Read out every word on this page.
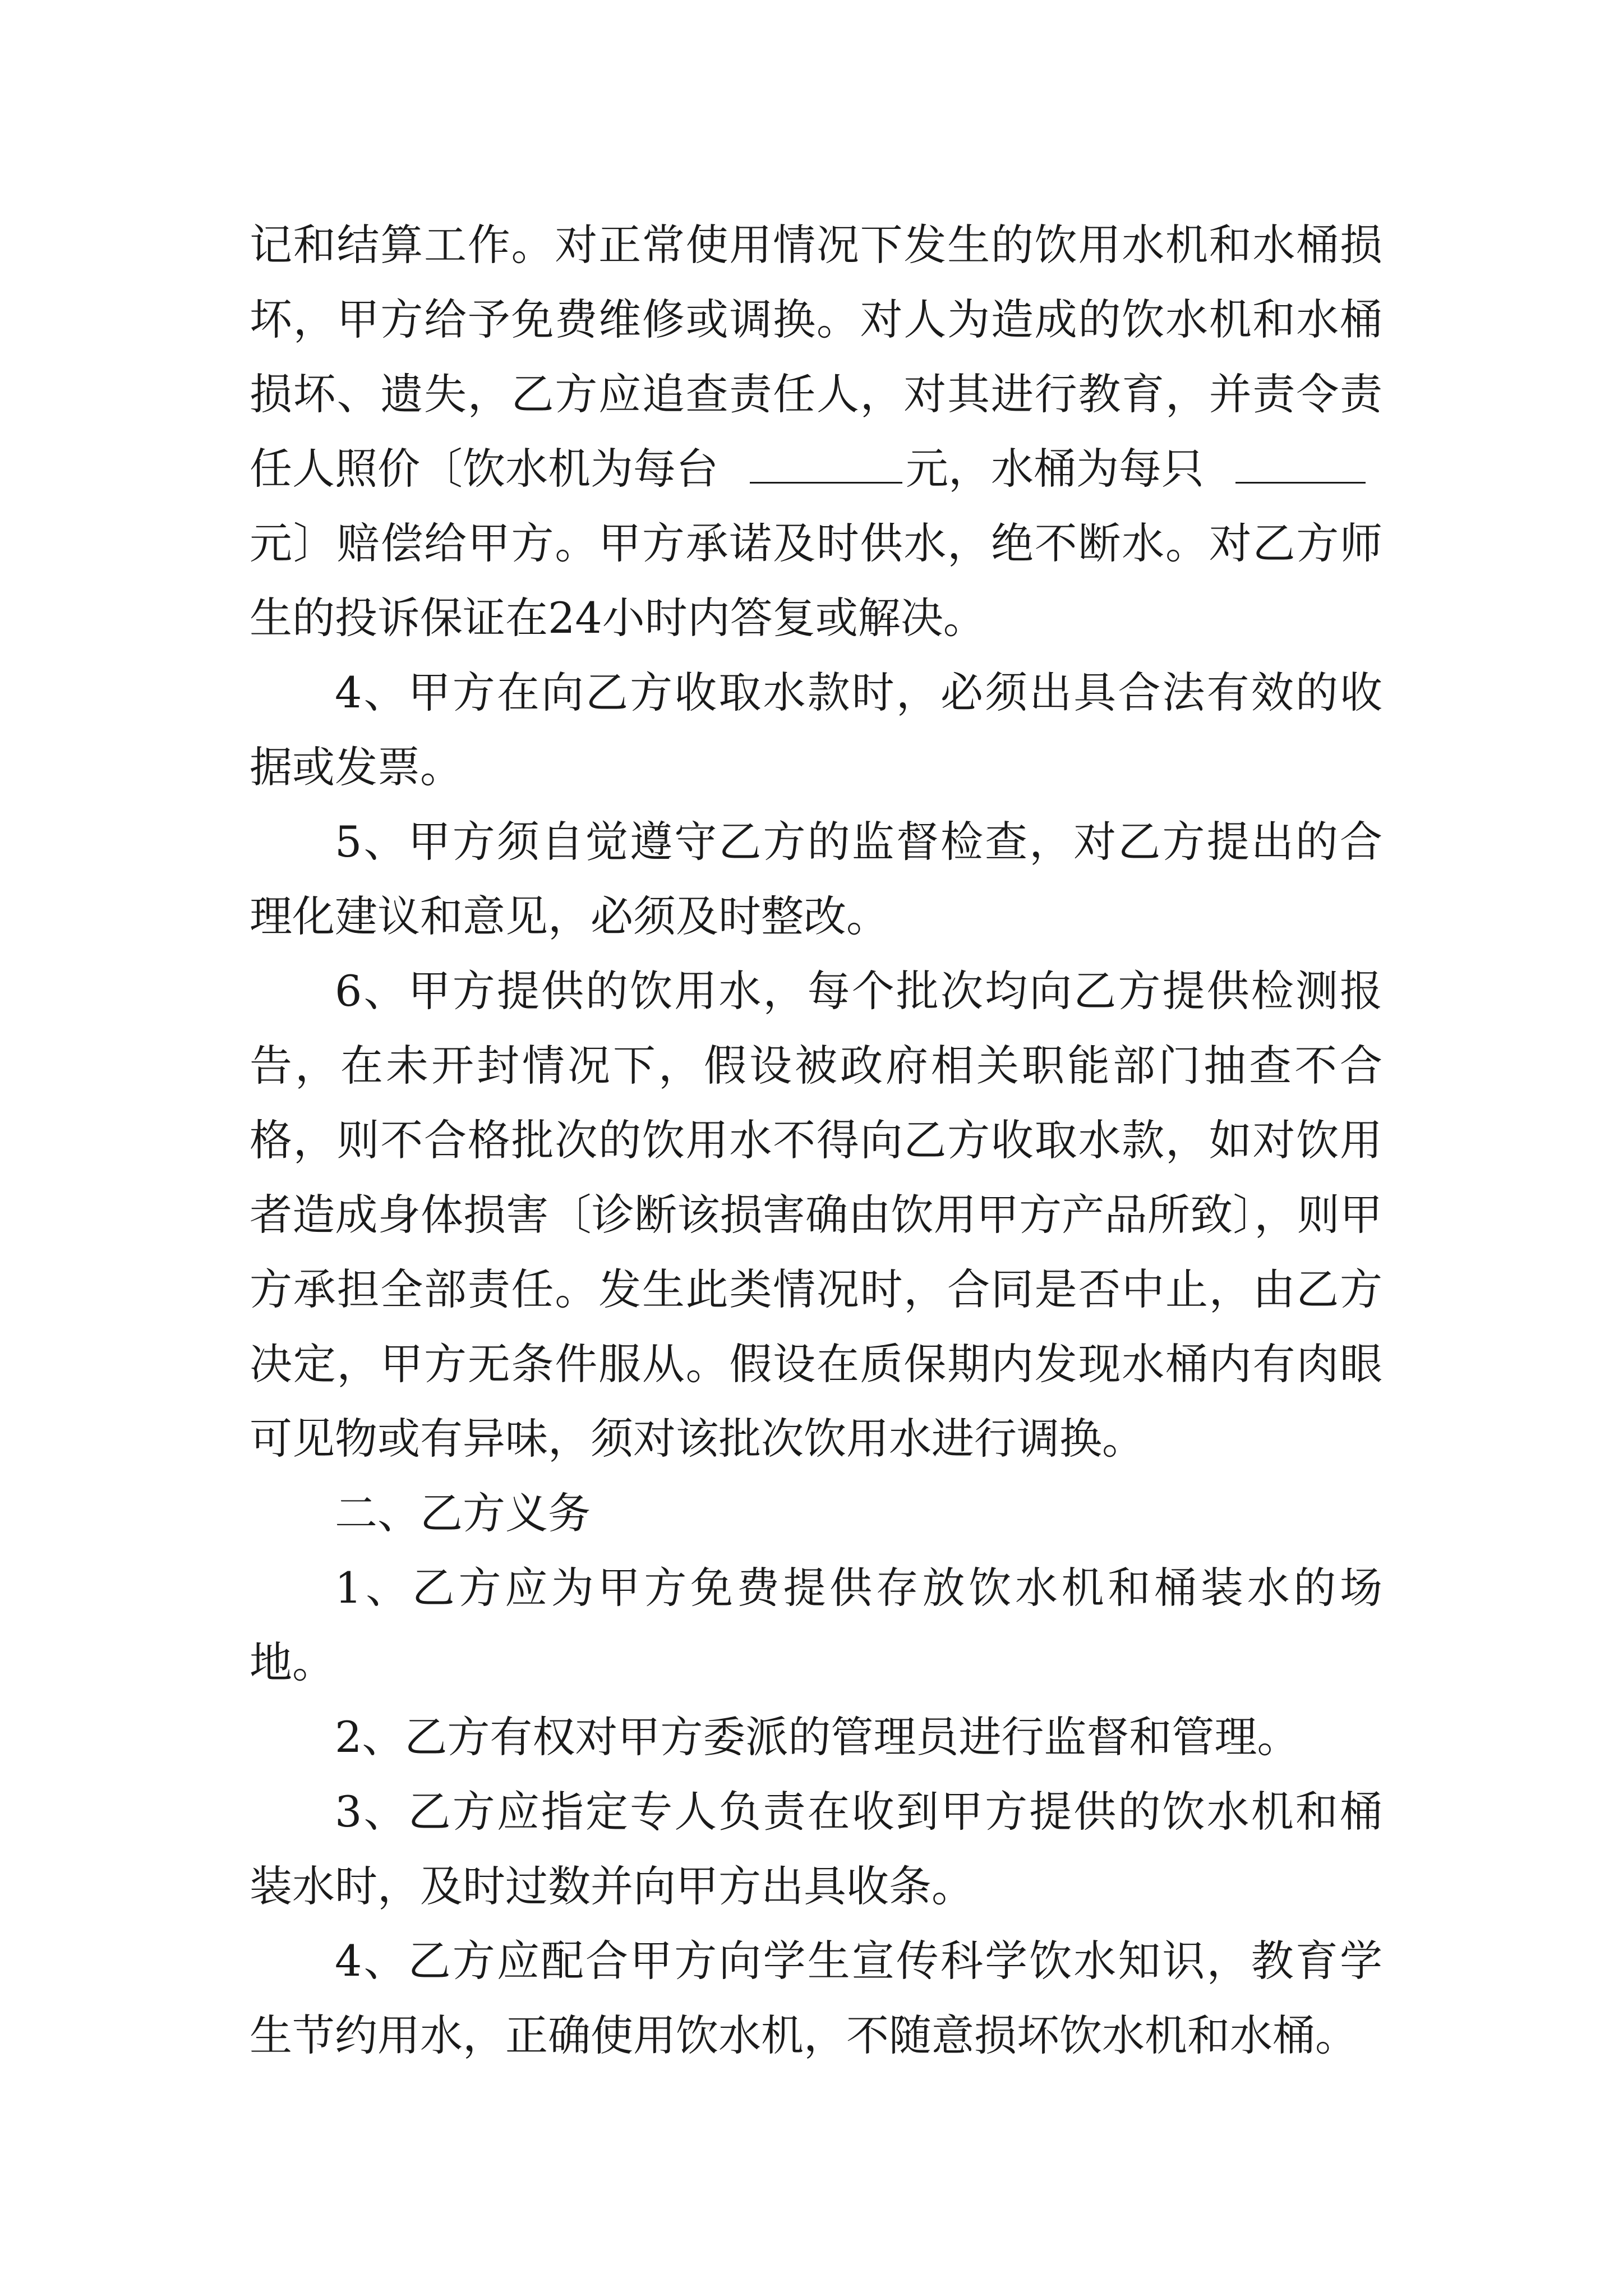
记和结算工作。对正常使用情况下发生的饮用水机和水桶损坏，甲方给予免费维修或调换。对人为造成的饮水机和水桶损坏、遗失，乙方应追查责任人，对其进行教育，并责令责任人照价〔饮水机为每台	元，水桶为每只
元〕赔偿给甲方。甲方承诺及时供水，绝不断水。对乙方师生的投诉保证在24小时内答复或解决。

4、甲方在向乙方收取水款时，必须出具合法有效的收据或发票。

5、甲方须自觉遵守乙方的监督检查，对乙方提出的合理化建议和意见，必须及时整改。

6、甲方提供的饮用水，每个批次均向乙方提供检测报告，在未开封情况下，假设被政府相关职能部门抽查不合格，则不合格批次的饮用水不得向乙方收取水款，如对饮用者造成身体损害〔诊断该损害确由饮用甲方产品所致〕，则甲方承担全部责任。发生此类情况时，合同是否中止，由乙方决定，甲方无条件服从。假设在质保期内发现水桶内有肉眼可见物或有异味，须对该批次饮用水进行调换。

二、乙方义务

1、乙方应为甲方免费提供存放饮水机和桶装水的场地。

2、乙方有权对甲方委派的管理员进行监督和管理。

3、乙方应指定专人负责在收到甲方提供的饮水机和桶装水时，及时过数并向甲方出具收条。

4、乙方应配合甲方向学生宣传科学饮水知识，教育学生节约用水，正确使用饮水机，不随意损坏饮水机和水桶。
